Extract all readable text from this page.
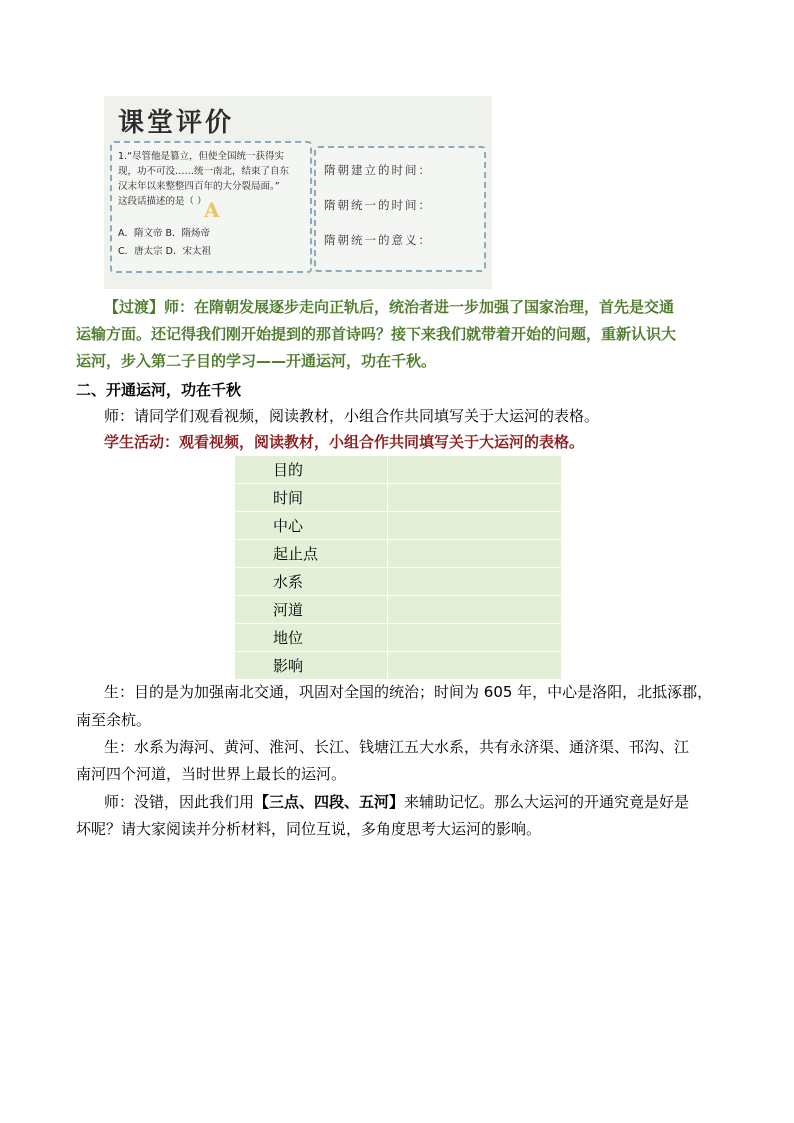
课堂评价
1.“尽管他是篡立，但使全国统一获得实
现，功不可没……统一南北，结束了自东
汉末年以来整整四百年的大分裂局面。”
这段话描述的是（ ）
A
A．隋文帝 B．隋炀帝
C．唐太宗 D．宋太祖
隋朝建立的时间：
隋朝统一的时间：
隋朝统一的意义：
【过渡】师：在隋朝发展逐步走向正轨后，统治者进一步加强了国家治理，首先是交通
运输方面。还记得我们刚开始提到的那首诗吗？接下来我们就带着开始的问题，重新认识大
运河，步入第二子目的学习——开通运河，功在千秋。
二、开通运河，功在千秋
师：请同学们观看视频，阅读教材，小组合作共同填写关于大运河的表格。
学生活动：观看视频，阅读教材，小组合作共同填写关于大运河的表格。
目的	
时间	
中心	
起止点	
水系	
河道	
地位	
影响	
生：目的是为加强南北交通，巩固对全国的统治；时间为 605 年，中心是洛阳，北抵涿郡，
南至余杭。
生：水系为海河、黄河、淮河、长江、钱塘江五大水系，共有永济渠、通济渠、邗沟、江
南河四个河道，当时世界上最长的运河。
师：没错，因此我们用【三点、四段、五河】来辅助记忆。那么大运河的开通究竟是好是
坏呢？请大家阅读并分析材料，同位互说，多角度思考大运河的影响。
